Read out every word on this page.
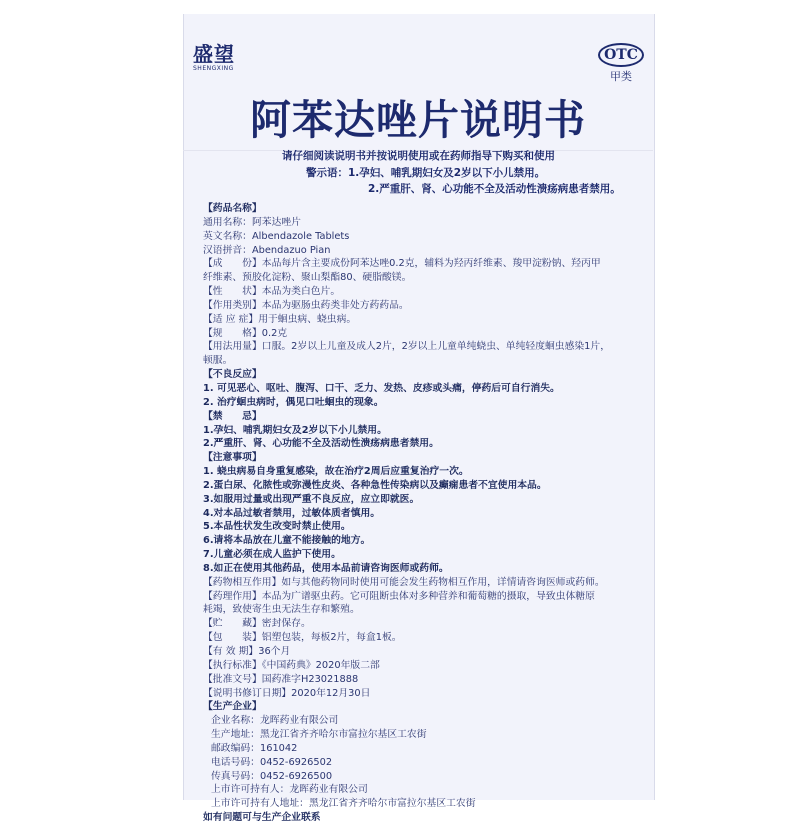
盛望
SHENGXING
OTC
甲类
阿苯达唑片说明书
请仔细阅读说明书并按说明使用或在药师指导下购买和使用
警示语：1.孕妇、哺乳期妇女及2岁以下小儿禁用。
2.严重肝、肾、心功能不全及活动性溃疡病患者禁用。
【药品名称】
通用名称：阿苯达唑片
英文名称：Albendazole Tablets
汉语拼音：Abendazuo Pian
【成　　份】本品每片含主要成份阿苯达唑0.2克，辅料为羟丙纤维素、羧甲淀粉钠、羟丙甲
纤维素、预胶化淀粉、聚山梨酯80、硬脂酸镁。
【性　　状】本品为类白色片。
【作用类别】本品为驱肠虫药类非处方药药品。
【适 应 症】用于蛔虫病、蛲虫病。
【规　　格】0.2克
【用法用量】口服。2岁以上儿童及成人2片，2岁以上儿童单纯蛲虫、单纯轻度蛔虫感染1片，
顿服。
【不良反应】
1. 可见恶心、呕吐、腹泻、口干、乏力、发热、皮疹或头痛，停药后可自行消失。
2. 治疗蛔虫病时，偶见口吐蛔虫的现象。
【禁　　忌】
1.孕妇、哺乳期妇女及2岁以下小儿禁用。
2.严重肝、肾、心功能不全及活动性溃疡病患者禁用。
【注意事项】
1. 蛲虫病易自身重复感染，故在治疗2周后应重复治疗一次。
2.蛋白尿、化脓性或弥漫性皮炎、各种急性传染病以及癫痫患者不宜使用本品。
3.如服用过量或出现严重不良反应，应立即就医。
4.对本品过敏者禁用，过敏体质者慎用。
5.本品性状发生改变时禁止使用。
6.请将本品放在儿童不能接触的地方。
7.儿童必须在成人监护下使用。
8.如正在使用其他药品，使用本品前请咨询医师或药师。
【药物相互作用】如与其他药物同时使用可能会发生药物相互作用，详情请咨询医师或药师。
【药理作用】本品为广谱驱虫药。它可阻断虫体对多种营养和葡萄糖的摄取，导致虫体糖原
耗竭，致使寄生虫无法生存和繁殖。
【贮　　藏】密封保存。
【包　　装】铝塑包装，每板2片，每盒1板。
【有 效 期】36个月
【执行标准】《中国药典》2020年版二部
【批准文号】国药准字H23021888
【说明书修订日期】2020年12月30日
【生产企业】
企业名称：龙晖药业有限公司
生产地址：黑龙江省齐齐哈尔市富拉尔基区工农街
邮政编码：161042
电话号码：0452-6926502
传真号码：0452-6926500
上市许可持有人：龙晖药业有限公司
上市许可持有人地址：黑龙江省齐齐哈尔市富拉尔基区工农街
如有问题可与生产企业联系
